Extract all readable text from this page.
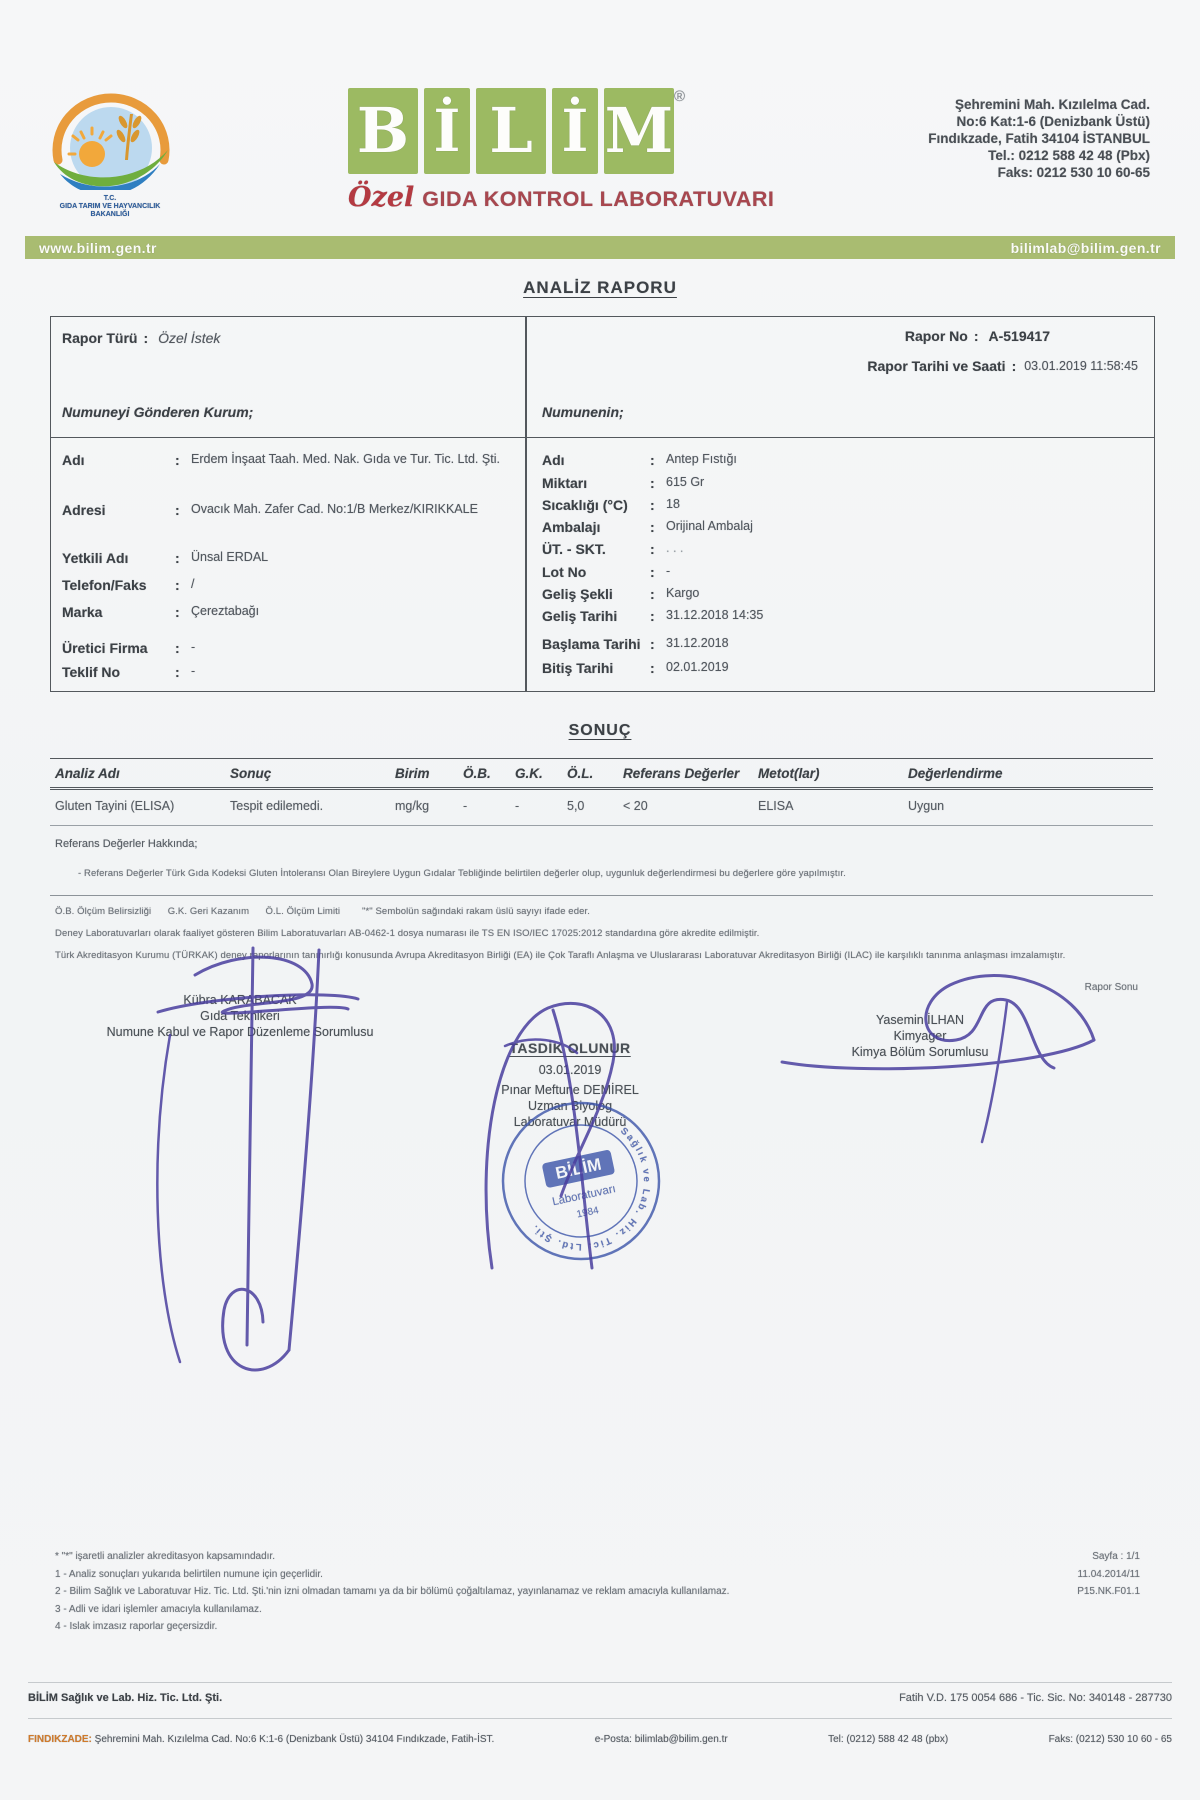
T.C.
GIDA TARIM VE HAYVANCILIK
BAKANLIĞI
B İ L İ M ®
Özel GIDA KONTROL LABORATUVARI
Şehremini Mah. Kızılelma Cad.
No:6 Kat:1-6 (Denizbank Üstü)
Fındıkzade, Fatih 34104 İSTANBUL
Tel.: 0212 588 42 48 (Pbx)
Faks: 0212 530 10 60-65
www.bilim.gen.tr	bilimlab@bilim.gen.tr
ANALİZ RAPORU
Rapor Türü : Özel İstek
Numuneyi Gönderen Kurum;
Rapor No : A-519417
Rapor Tarihi ve Saati : 03.01.2019 11:58:45
Numunenin;
Adı	: Erdem İnşaat Taah. Med. Nak. Gıda ve Tur. Tic. Ltd. Şti.
Adresi	: Ovacık Mah. Zafer Cad. No:1/B Merkez/KIRIKKALE
Yetkili Adı	: Ünsal ERDAL
Telefon/Faks	: /
Marka	: Çereztabağı
Üretici Firma	: -
Teklif No	: -
Adı	: Antep Fıstığı
Miktarı	: 615 Gr
Sıcaklığı (°C)	: 18
Ambalajı	: Orijinal Ambalaj
ÜT. - SKT.	: . . .
Lot No	: -
Geliş Şekli	: Kargo
Geliş Tarihi	: 31.12.2018 14:35
Başlama Tarihi : 31.12.2018
Bitiş Tarihi	: 02.01.2019
SONUÇ
Analiz Adı	Sonuç	Birim	Ö.B.	G.K.	Ö.L.	Referans Değerler	Metot(lar)	Değerlendirme
Gluten Tayini (ELISA)	Tespit edilemedi.	mg/kg	-	-	5,0	< 20	ELISA	Uygun
Referans Değerler Hakkında;
- Referans Değerler Türk Gıda Kodeksi Gluten İntoleransı Olan Bireylere Uygun Gıdalar Tebliğinde belirtilen değerler olup, uygunluk değerlendirmesi bu değerlere göre yapılmıştır.
Ö.B. Ölçüm Belirsizliği      G.K. Geri Kazanım      Ö.L. Ölçüm Limiti        "*" Sembolün sağındaki rakam üslü sayıyı ifade eder.
Deney Laboratuvarları olarak faaliyet gösteren Bilim Laboratuvarları AB-0462-1 dosya numarası ile TS EN ISO/IEC 17025:2012 standardına göre akredite edilmiştir.
Türk Akreditasyon Kurumu (TÜRKAK) deney raporlarının tanınırlığı konusunda Avrupa Akreditasyon Birliği (EA) ile Çok Taraflı Anlaşma ve Uluslararası Laboratuvar Akreditasyon Birliği (ILAC) ile karşılıklı tanınma anlaşması imzalamıştır.
Rapor Sonu
Kübra KARABACAK
Gıda Teknikeri
Numune Kabul ve Rapor Düzenleme Sorumlusu
Yasemin İLHAN
Kimyager
Kimya Bölüm Sorumlusu
TASDİK OLUNUR
03.01.2019
Pınar Meftune DEMİREL
Uzman Biyolog
Laboratuvar Müdürü
Sağlık ve Lab. Hiz. Tic. Ltd. Şti.
BİLİM
Laboratuvarı
1984
* "*" işaretli analizler akreditasyon kapsamındadır.
1 - Analiz sonuçları yukarıda belirtilen numune için geçerlidir.
2 - Bilim Sağlık ve Laboratuvar Hiz. Tic. Ltd. Şti.'nin izni olmadan tamamı ya da bir bölümü çoğaltılamaz, yayınlanamaz ve reklam amacıyla kullanılamaz.
3 - Adli ve idari işlemler amacıyla kullanılamaz.
4 - Islak imzasız raporlar geçersizdir.
Sayfa : 1/1
11.04.2014/11
P15.NK.F01.1
BİLİM Sağlık ve Lab. Hiz. Tic. Ltd. Şti.	Fatih V.D. 175 0054 686 - Tic. Sic. No: 340148 - 287730
FINDIKZADE: Şehremini Mah. Kızılelma Cad. No:6 K:1-6 (Denizbank Üstü) 34104 Fındıkzade, Fatih-İST.	e-Posta: bilimlab@bilim.gen.tr	Tel: (0212) 588 42 48 (pbx)	Faks: (0212) 530 10 60 - 65
